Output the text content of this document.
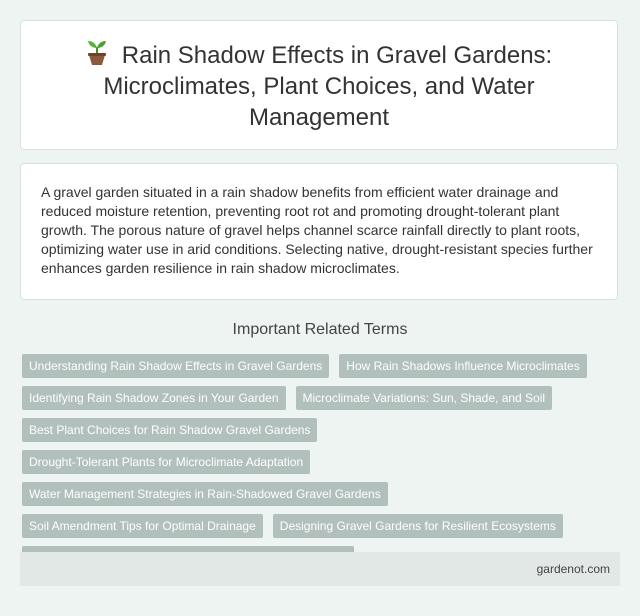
Rain Shadow Effects in Gravel Gardens: Microclimates, Plant Choices, and Water Management

A gravel garden situated in a rain shadow benefits from efficient water drainage and reduced moisture retention, preventing root rot and promoting drought-tolerant plant growth. The porous nature of gravel helps channel scarce rainfall directly to plant roots, optimizing water use in arid conditions. Selecting native, drought-resistant species further enhances garden resilience in rain shadow microclimates.

Important Related Terms
Understanding Rain Shadow Effects in Gravel Gardens	How Rain Shadows Influence Microclimates
Identifying Rain Shadow Zones in Your Garden	Microclimate Variations: Sun, Shade, and Soil
Best Plant Choices for Rain Shadow Gravel Gardens
Drought-Tolerant Plants for Microclimate Adaptation
Water Management Strategies in Rain-Shadowed Gravel Gardens
Soil Amendment Tips for Optimal Drainage	Designing Gravel Gardens for Resilient Ecosystems
gardenot.com
